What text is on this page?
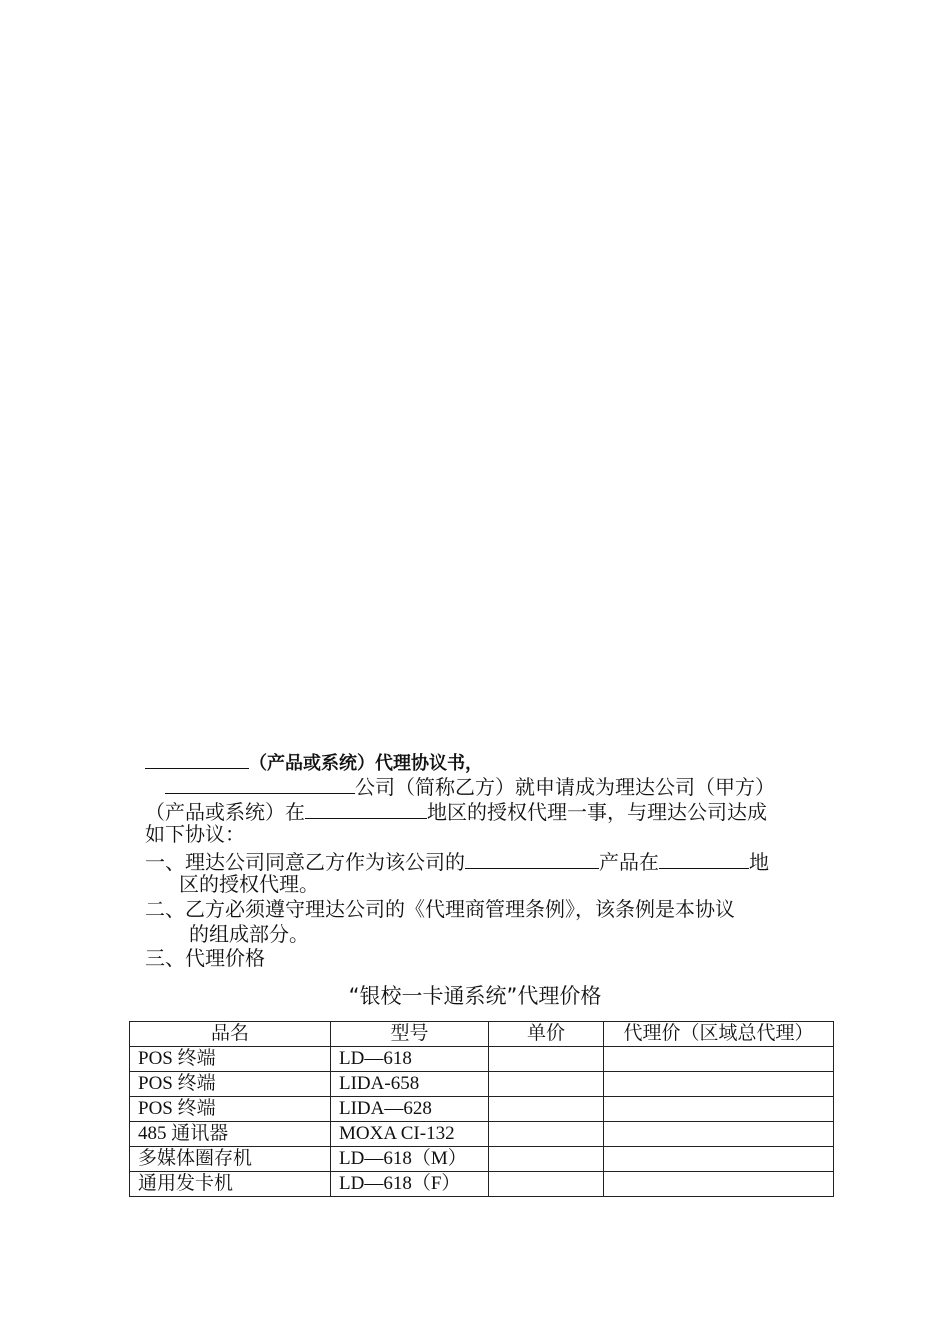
（产品或系统）代理协议书，
公司（简称乙方）就申请成为理达公司（甲方）
（产品或系统）在	地区的授权代理一事，与理达公司达成
如下协议：
一、理达公司同意乙方作为该公司的	产品在	地
区的授权代理。
二、乙方必须遵守理达公司的《代理商管理条例》，该条例是本协议
的组成部分。
三、代理价格
“银校一卡通系统”代理价格
品名	型号	单价	代理价（区域总代理）
POS 终端	LD—618		
POS 终端	LIDA-658		
POS 终端	LIDA—628		
485 通讯器	MOXA CI-132		
多媒体圈存机	LD—618（M）		
通用发卡机	LD—618（F）		
